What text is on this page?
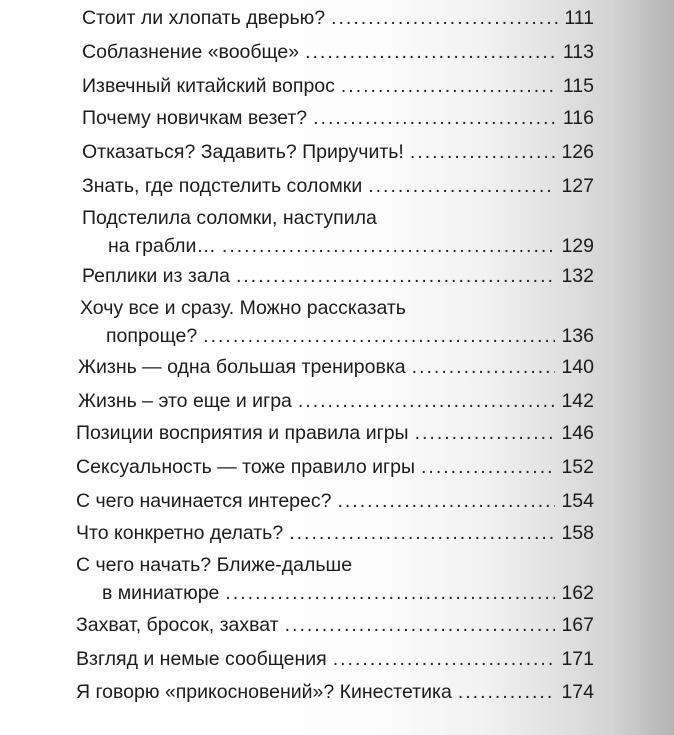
Стоит ли хлопать дверью? .....	111
Соблазнение «вообще» .....	113
Извечный китайский вопрос .....	115
Почему новичкам везет? .....	116
Отказаться? Задавить? Приручить! .....	126
Знать, где подстелить соломки .....	127
Подстелила соломки, наступила
на грабли… .....	129
Реплики из зала .....	132
Хочу все и сразу. Можно рассказать
попроще? .....	136
Жизнь — одна большая тренировка .....	140
Жизнь – это еще и игра .....	142
Позиции восприятия и правила игры .....	146
Сексуальность — тоже правило игры .....	152
С чего начинается интерес? .....	154
Что конкретно делать? .....	158
С чего начать? Ближе-дальше
в миниатюре .....	162
Захват, бросок, захват .....	167
Взгляд и немые сообщения .....	171
Я говорю «прикосновений»? Кинестетика .....	174
